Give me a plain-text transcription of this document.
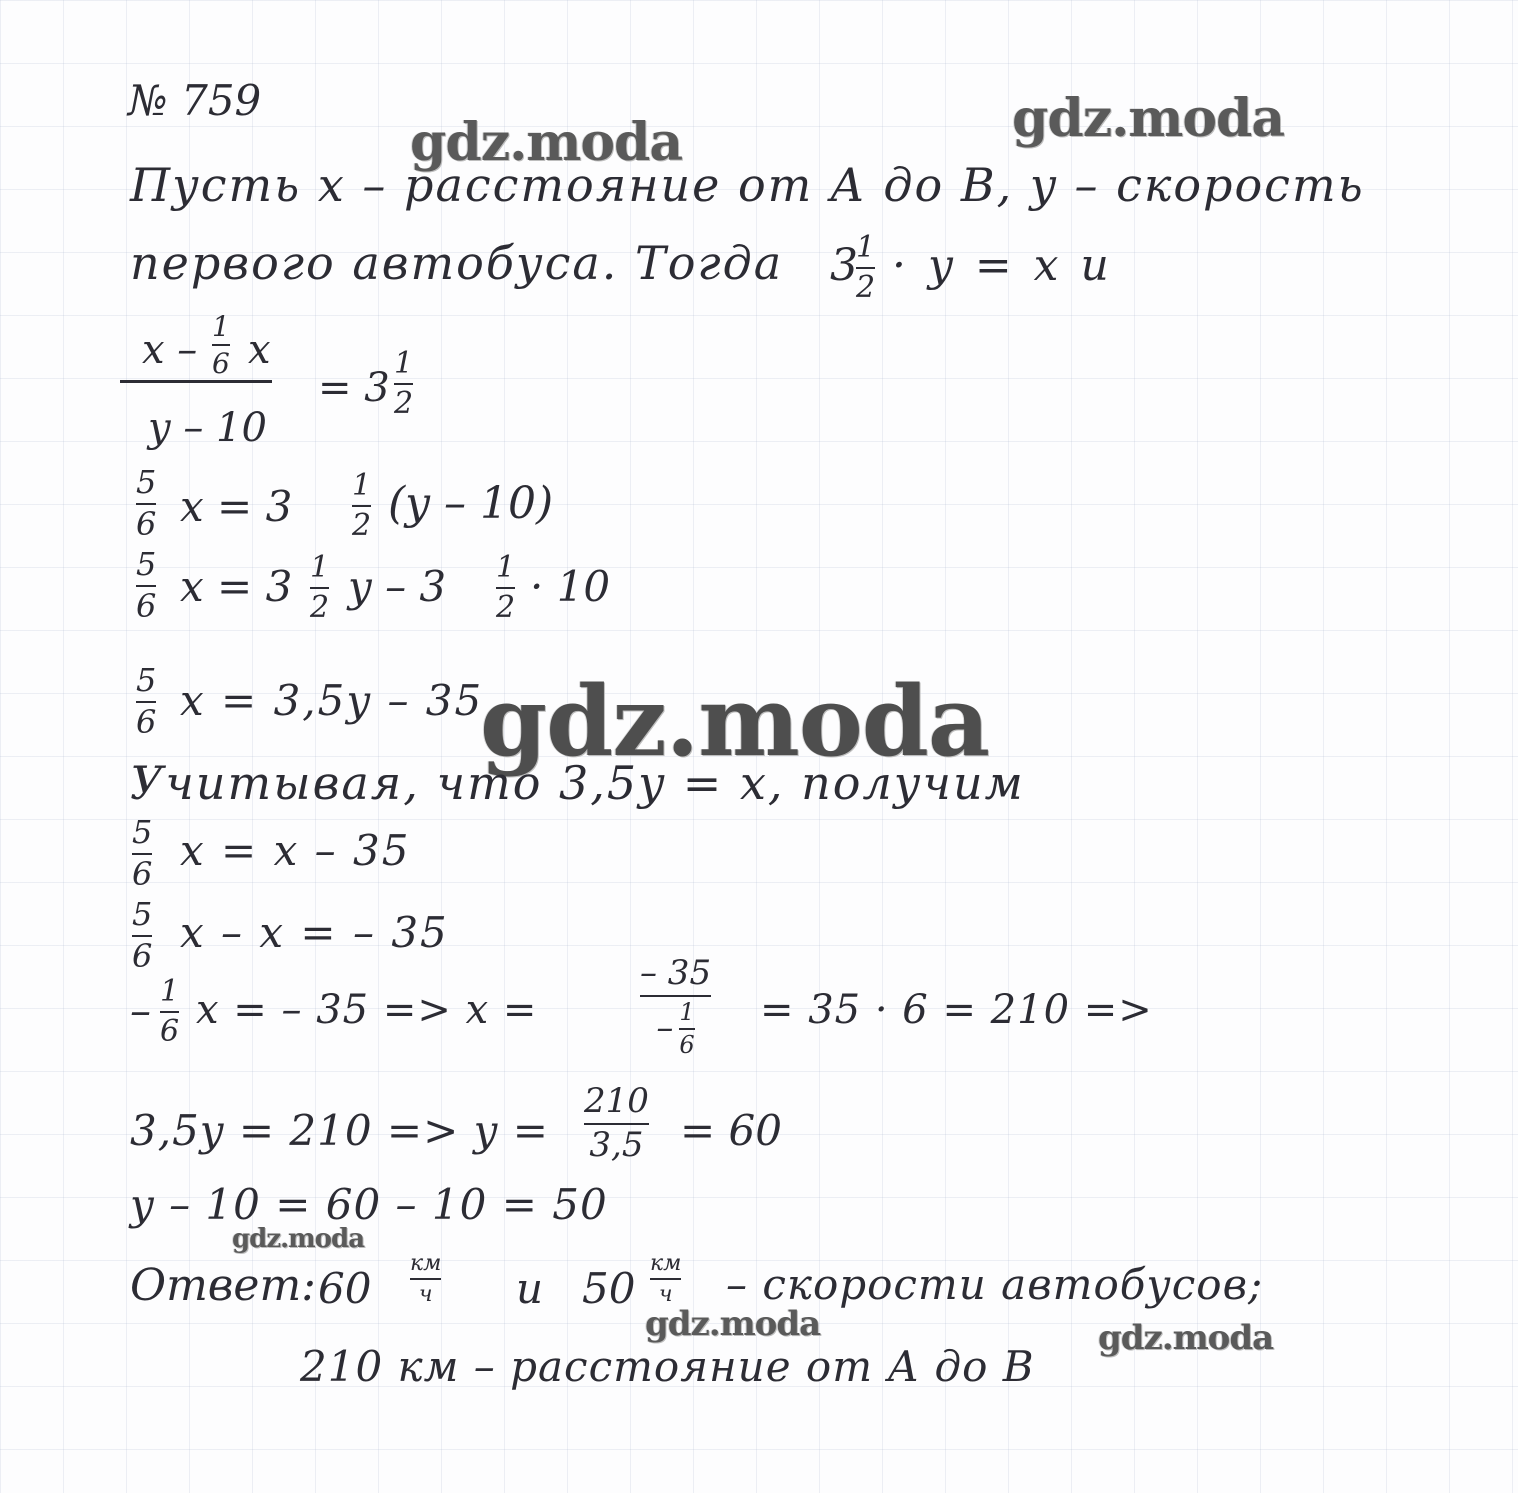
gdz.moda	gdz.moda
gdz.moda
gdz.moda
gdz.moda	gdz.moda
№ 759
Пусть x – расстояние от А до В, y – скорость
первого автобуса. Тогда 3
1
2 · y = x и
x –
1
6 x
y – 10
= 3
1
2
5
6 x = 3 1
2 (y – 10)
5
6 x = 3 1
2 y – 3 1
2 · 10
5
6 x = 3,5y – 35
Учитывая, что 3,5y = x, получим
5
6 x = x – 35
5
6 x – x = – 35
– 1
6 x = – 35 => x =
– 35
– $\frac{1}{6} = 35 \cdot 6 = 210$ =>
3,5y = 210 => y =
210
3,5 = 60
y – 10 = 60 – 10 = 50
Ответ: 60
км
ч и 50
км
ч – скорости автобусов;
210 км – расстояние от А до В
